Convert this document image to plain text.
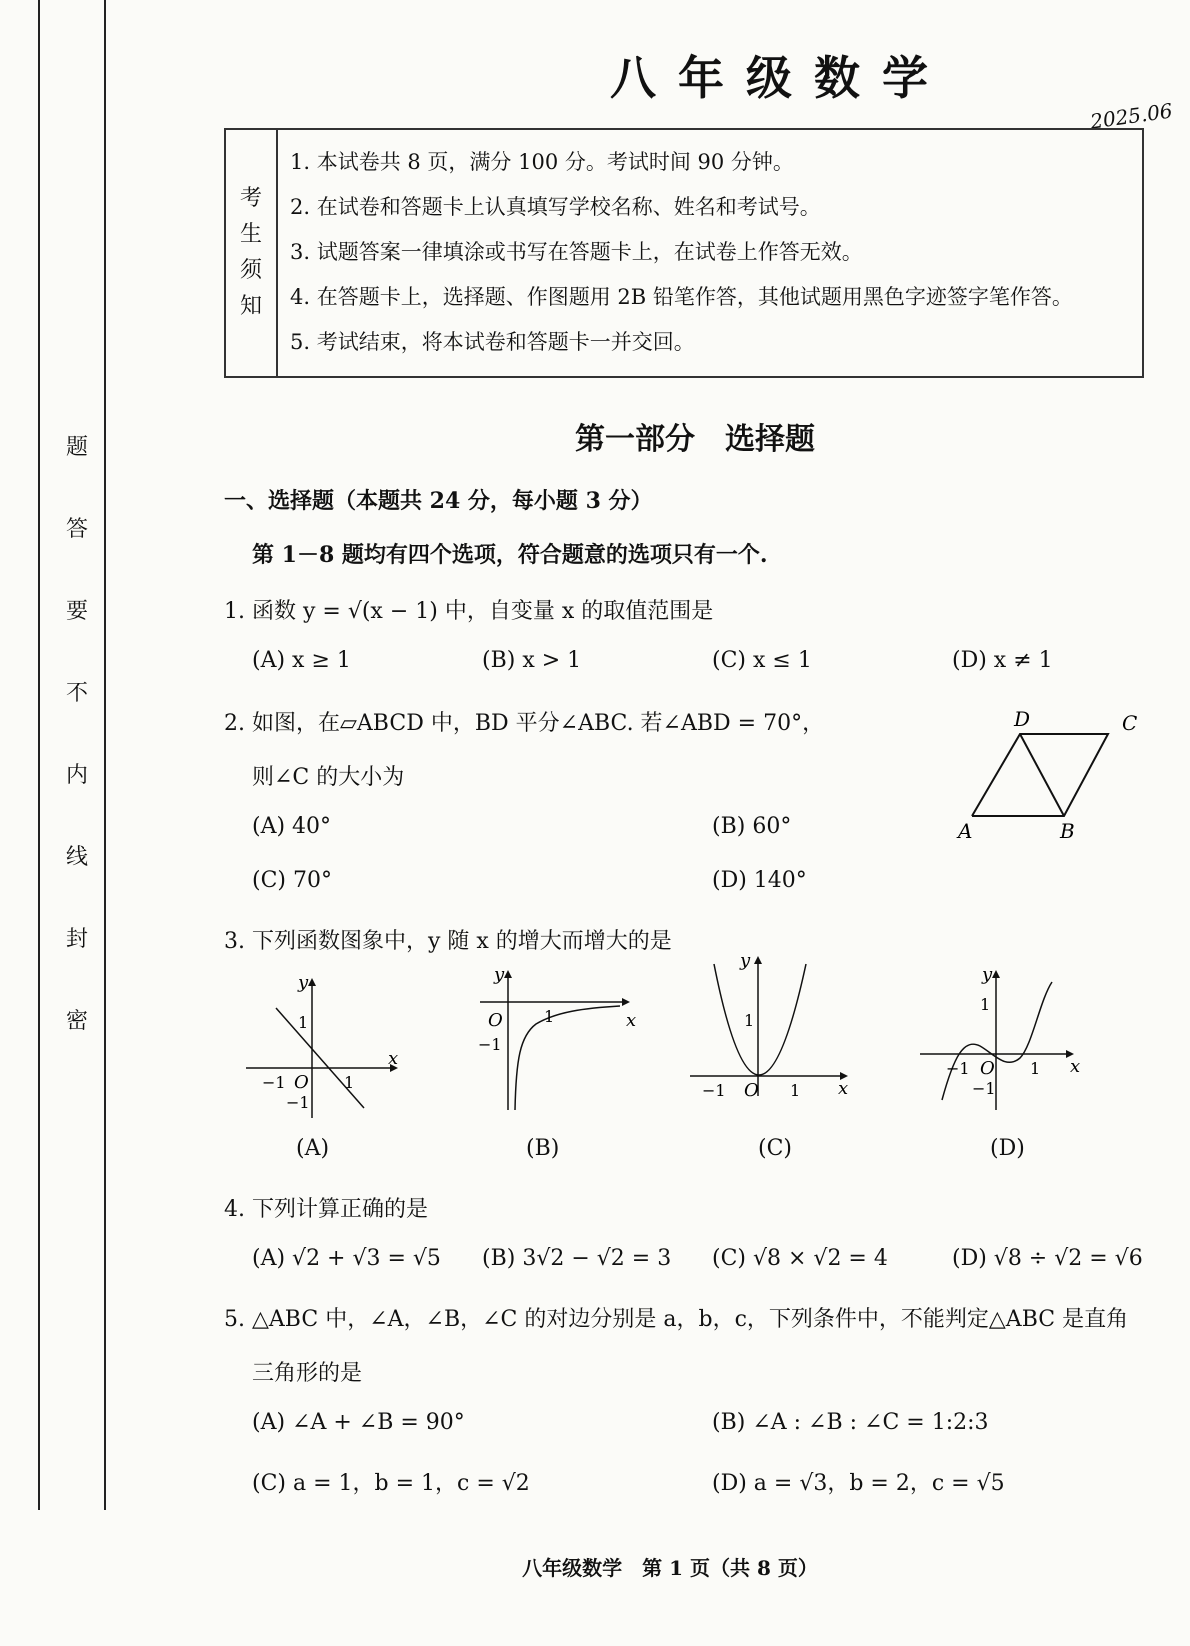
题
答
要
不
内
线
封
密
八年级数学
2025.06
考
生
须
知
1. 本试卷共 8 页，满分 100 分。考试时间 90 分钟。
2. 在试卷和答题卡上认真填写学校名称、姓名和考试号。
3. 试题答案一律填涂或书写在答题卡上，在试卷上作答无效。
4. 在答题卡上，选择题、作图题用 2B 铅笔作答，其他试题用黑色字迹签字笔作答。
5. 考试结束，将本试卷和答题卡一并交回。
第一部分　选择题
一、选择题（本题共 24 分，每小题 3 分）
第 1－8 题均有四个选项，符合题意的选项只有一个.
1. 函数 y = √(x − 1) 中，自变量 x 的取值范围是
(A) x ≥ 1	(B) x > 1	(C) x ≤ 1	(D) x ≠ 1
2. 如图，在▱ABCD 中，BD 平分∠ABC. 若∠ABD = 70°，
则∠C 的大小为
(A) 40°	(B) 60°
(C) 70°	(D) 140°
A	B
C
D
3. 下列函数图象中，y 随 x 的增大而增大的是
x
y
O 1
−1
1
−1
x
y
O	1
−1
x
y
O 1
−1
1
x
y
O 1
−1
1
−1
(A)	(B)	(C)	(D)
4. 下列计算正确的是
(A) √2 + √3 = √5 (B) 3√2 − √2 = 3 (C) √8 × √2 = 4	(D) √8 ÷ √2 = √6
5. △ABC 中，∠A，∠B，∠C 的对边分别是 a，b，c，下列条件中，不能判定△ABC 是直角
三角形的是
(A) ∠A + ∠B = 90°	(B) ∠A : ∠B : ∠C = 1:2:3
(C) a = 1，b = 1，c = √2	(D) a = √3，b = 2，c = √5
八年级数学　第 1 页（共 8 页）
